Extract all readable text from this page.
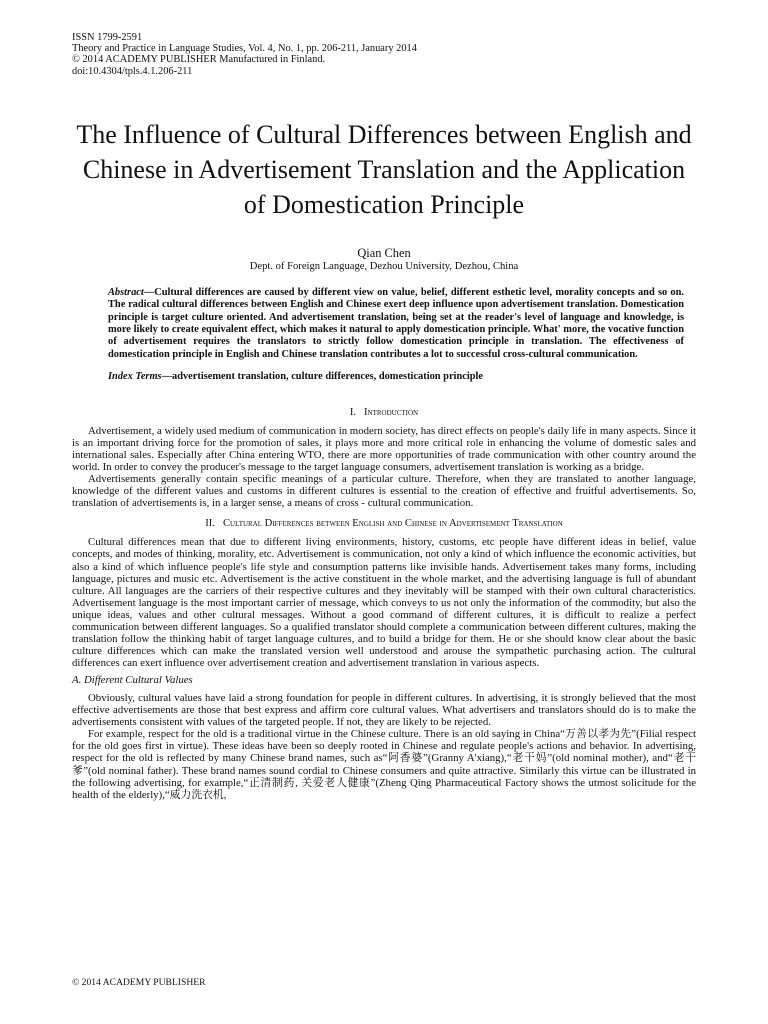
ISSN 1799-2591
Theory and Practice in Language Studies, Vol. 4, No. 1, pp. 206-211, January 2014
© 2014 ACADEMY PUBLISHER Manufactured in Finland.
doi:10.4304/tpls.4.1.206-211
The Influence of Cultural Differences between English and Chinese in Advertisement Translation and the Application of Domestication Principle
Qian Chen
Dept. of Foreign Language, Dezhou University, Dezhou, China
Abstract—Cultural differences are caused by different view on value, belief, different esthetic level, morality concepts and so on. The radical cultural differences between English and Chinese exert deep influence upon advertisement translation. Domestication principle is target culture oriented. And advertisement translation, being set at the reader's level of language and knowledge, is more likely to create equivalent effect, which makes it natural to apply domestication principle. What' more, the vocative function of advertisement requires the translators to strictly follow domestication principle in translation. The effectiveness of domestication principle in English and Chinese translation contributes a lot to successful cross-cultural communication.
Index Terms—advertisement translation, culture differences, domestication principle
I. Introduction

Advertisement, a widely used medium of communication in modern society, has direct effects on people's daily life in many aspects. Since it is an important driving force for the promotion of sales, it plays more and more critical role in enhancing the volume of domestic sales and international sales. Especially after China entering WTO, there are more opportunities of trade communication with other country around the world. In order to convey the producer's message to the target language consumers, advertisement translation is working as a bridge.

Advertisements generally contain specific meanings of a particular culture. Therefore, when they are translated to another language, knowledge of the different values and customs in different cultures is essential to the creation of effective and fruitful advertisements. So, translation of advertisements is, in a larger sense, a means of cross - cultural communication.

II. Cultural Differences between English and Chinese in Advertisement Translation

Cultural differences mean that due to different living environments, history, customs, etc people have different ideas in belief, value concepts, and modes of thinking, morality, etc. Advertisement is communication, not only a kind of which influence the economic activities, but also a kind of which influence people's life style and consumption patterns like invisible hands. Advertisement takes many forms, including language, pictures and music etc. Advertisement is the active constituent in the whole market, and the advertising language is full of abundant culture. All languages are the carriers of their respective cultures and they inevitably will be stamped with their own cultural characteristics. Advertisement language is the most important carrier of message, which conveys to us not only the information of the commodity, but also the unique ideas, values and other cultural messages. Without a good command of different cultures, it is difficult to realize a perfect communication between different languages. So a qualified translator should complete a communication between different cultures, making the translation follow the thinking habit of target language cultures, and to build a bridge for them. He or she should know clear about the basic culture differences which can make the translated version well understood and arouse the sympathetic purchasing action. The cultural differences can exert influence over advertisement creation and advertisement translation in various aspects.

A. Different Cultural Values

Obviously, cultural values have laid a strong foundation for people in different cultures. In advertising, it is strongly believed that the most effective advertisements are those that best express and affirm core cultural values. What advertisers and translators should do is to make the advertisements consistent with values of the targeted people. If not, they are likely to be rejected.

For example, respect for the old is a traditional virtue in the Chinese culture. There is an old saying in China“万善以孝为先”(Filial respect for the old goes first in virtue). These ideas have been so deeply rooted in Chinese and regulate people's actions and behavior. In advertising, respect for the old is reflected by many Chinese brand names, such as“阿香婆”(Granny A'xiang),“老干妈”(old nominal mother), and“老干爹”(old nominal father). These brand names sound cordial to Chinese consumers and quite attractive. Similarly this virtue can be illustrated in the following advertising, for example,“正清制药, 关爱老人健康”(Zheng Qing Pharmaceutical Factory shows the utmost solicitude for the health of the elderly),“威力洗衣机,

© 2014 ACADEMY PUBLISHER
